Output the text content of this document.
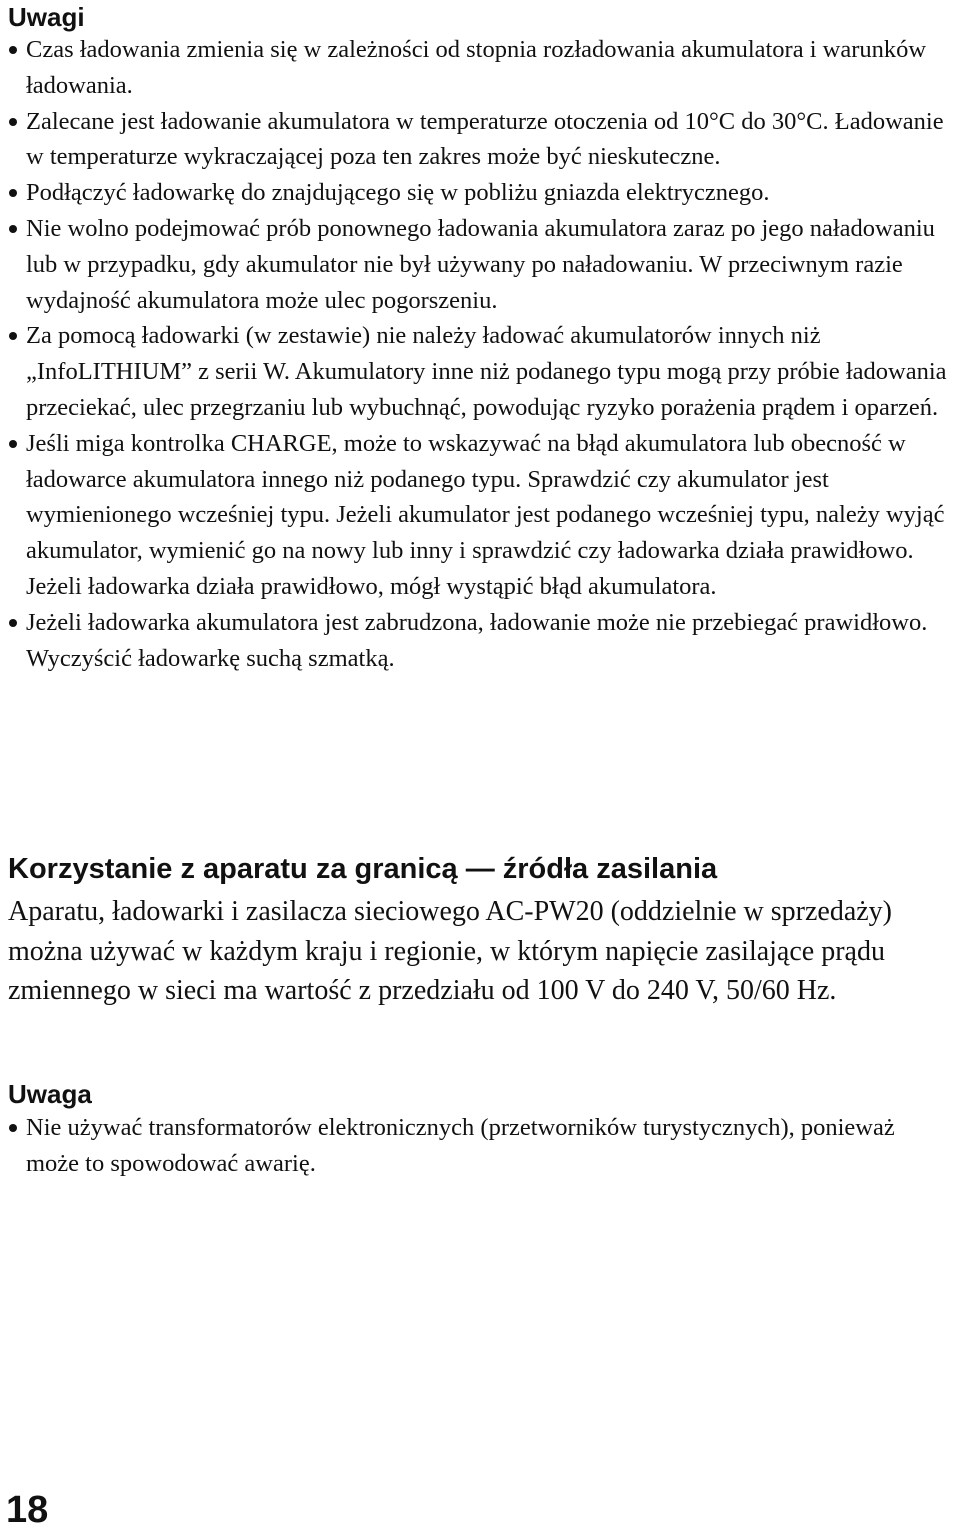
Uwagi
Czas ładowania zmienia się w zależności od stopnia rozładowania akumulatora i warunków ładowania.
Zalecane jest ładowanie akumulatora w temperaturze otoczenia od 10°C do 30°C. Ładowanie w temperaturze wykraczającej poza ten zakres może być nieskuteczne.
Podłączyć ładowarkę do znajdującego się w pobliżu gniazda elektrycznego.
Nie wolno podejmować prób ponownego ładowania akumulatora zaraz po jego naładowaniu lub w przypadku, gdy akumulator nie był używany po naładowaniu. W przeciwnym razie wydajność akumulatora może ulec pogorszeniu.
Za pomocą ładowarki (w zestawie) nie należy ładować akumulatorów innych niż „InfoLITHIUM” z serii W. Akumulatory inne niż podanego typu mogą przy próbie ładowania przeciekać, ulec przegrzaniu lub wybuchnąć, powodując ryzyko porażenia prądem i oparzeń.
Jeśli miga kontrolka CHARGE, może to wskazywać na błąd akumulatora lub obecność w ładowarce akumulatora innego niż podanego typu. Sprawdzić czy akumulator jest wymienionego wcześniej typu. Jeżeli akumulator jest podanego wcześniej typu, należy wyjąć akumulator, wymienić go na nowy lub inny i sprawdzić czy ładowarka działa prawidłowo. Jeżeli ładowarka działa prawidłowo, mógł wystąpić błąd akumulatora.
Jeżeli ładowarka akumulatora jest zabrudzona, ładowanie może nie przebiegać prawidłowo. Wyczyścić ładowarkę suchą szmatką.
Korzystanie z aparatu za granicą — źródła zasilania

Aparatu, ładowarki i zasilacza sieciowego AC-PW20 (oddzielnie w sprzedaży) można używać w każdym kraju i regionie, w którym napięcie zasilające prądu zmiennego w sieci ma wartość z przedziału od 100 V do 240 V, 50/60 Hz.

Uwaga
Nie używać transformatorów elektronicznych (przetworników turystycznych), ponieważ może to spowodować awarię.

18
